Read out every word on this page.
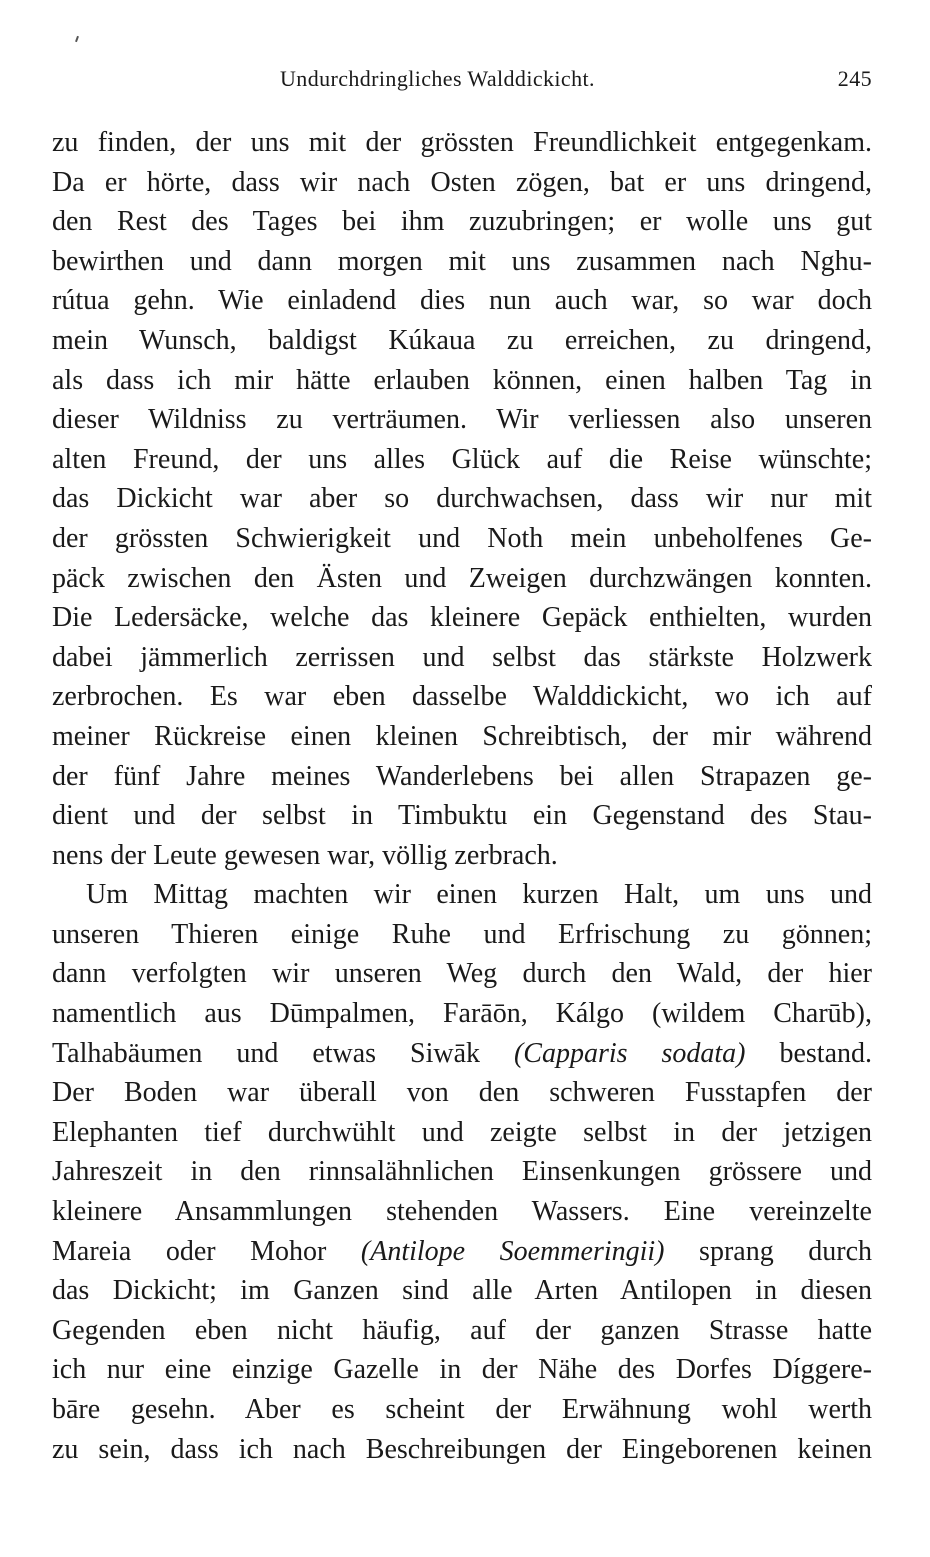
Undurchdringliches Walddickicht.	245
zu finden, der uns mit der grössten Freundlichkeit entgegenkam.
Da er hörte, dass wir nach Osten zögen, bat er uns dringend,
den Rest des Tages bei ihm zuzubringen; er wolle uns gut
bewirthen und dann morgen mit uns zusammen nach Nghu-
rútua gehn. Wie einladend dies nun auch war, so war doch
mein Wunsch, baldigst Kúkaua zu erreichen, zu dringend,
als dass ich mir hätte erlauben können, einen halben Tag in
dieser Wildniss zu verträumen. Wir verliessen also unseren
alten Freund, der uns alles Glück auf die Reise wünschte;
das Dickicht war aber so durchwachsen, dass wir nur mit
der grössten Schwierigkeit und Noth mein unbeholfenes Ge-
päck zwischen den Ästen und Zweigen durchzwängen konnten.
Die Ledersäcke, welche das kleinere Gepäck enthielten, wurden
dabei jämmerlich zerrissen und selbst das stärkste Holzwerk
zerbrochen. Es war eben dasselbe Walddickicht, wo ich auf
meiner Rückreise einen kleinen Schreibtisch, der mir während
der fünf Jahre meines Wanderlebens bei allen Strapazen ge-
dient und der selbst in Timbuktu ein Gegenstand des Stau-
nens der Leute gewesen war, völlig zerbrach.
Um Mittag machten wir einen kurzen Halt, um uns und
unseren Thieren einige Ruhe und Erfrischung zu gönnen;
dann verfolgten wir unseren Weg durch den Wald, der hier
namentlich aus Dūmpalmen, Farāōn, Kálgo (wildem Charūb),
Talhabäumen und etwas Siwāk (Capparis sodata) bestand.
Der Boden war überall von den schweren Fusstapfen der
Elephanten tief durchwühlt und zeigte selbst in der jetzigen
Jahreszeit in den rinnsalähnlichen Einsenkungen grössere und
kleinere Ansammlungen stehenden Wassers. Eine vereinzelte
Mareia oder Mohor (Antilope Soemmeringii) sprang durch
das Dickicht; im Ganzen sind alle Arten Antilopen in diesen
Gegenden eben nicht häufig, auf der ganzen Strasse hatte
ich nur eine einzige Gazelle in der Nähe des Dorfes Díggere-
bāre gesehn. Aber es scheint der Erwähnung wohl werth
zu sein, dass ich nach Beschreibungen der Eingeborenen keinen
